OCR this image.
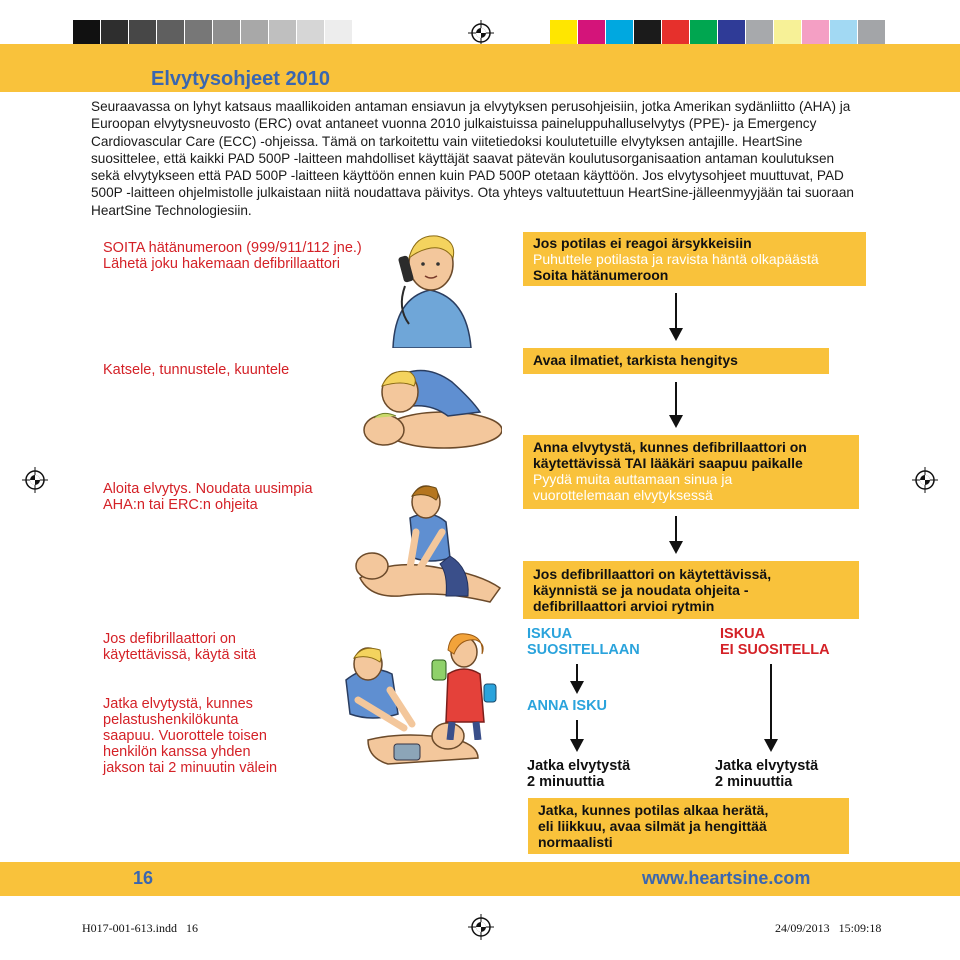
Elvytysohjeet 2010

Seuraavassa on lyhyt katsaus maallikoiden antaman ensiavun ja elvytyksen perusohjeisiin, jotka Amerikan sydänliitto (AHA) ja Euroopan elvytysneuvosto (ERC) ovat antaneet vuonna 2010 julkaistuissa paineluppuhalluselvytys (PPE)- ja Emergency Cardiovascular Care (ECC) -ohjeissa. Tämä on tarkoitettu vain viitetiedoksi koulutetuille elvytyksen antajille. HeartSine suosittelee, että kaikki PAD 500P -laitteen mahdolliset käyttäjät saavat pätevän koulutusorganisaation antaman koulutuksen sekä elvytykseen että PAD 500P -laitteen käyttöön ennen kuin PAD 500P otetaan käyttöön. Jos elvytysohjeet muuttuvat, PAD 500P -laitteen ohjelmistolle julkaistaan niitä noudattava päivitys. Ota yhteys valtuutettuun HeartSine-jälleenmyyjään tai suoraan HeartSine Technologiesiin.

SOITA hätänumeroon (999/911/112 jne.)
Lähetä joku hakemaan defibrillaattori
Katsele, tunnustele, kuuntele
Aloita elvytys. Noudata uusimpia
AHA:n tai ERC:n ohjeita
Jos defibrillaattori on
käytettävissä, käytä sitä
Jatka elvytystä, kunnes
pelastushenkilökunta
saapuu. Vuorottele toisen
henkilön kanssa yhden
jakson tai 2 minuutin välein
Jos potilas ei reagoi ärsykkeisiin
Puhuttele potilasta ja ravista häntä olkapäästä
Soita hätänumeroon
Avaa ilmatiet, tarkista hengitys
Anna elvytystä, kunnes defibrillaattori on
käytettävissä TAI lääkäri saapuu paikalle
Pyydä muita auttamaan sinua ja
vuorottelemaan elvytyksessä
Jos defibrillaattori on käytettävissä,
käynnistä se ja noudata ohjeita -
defibrillaattori arvioi rytmin
ISKUA
SUOSITELLAAN
ISKUA
EI SUOSITELLA
ANNA ISKU
Jatka elvytystä
2 minuuttia
Jatka elvytystä
2 minuuttia
Jatka, kunnes potilas alkaa herätä,
eli liikkuu, avaa silmät ja hengittää
normaalisti
16	www.heartsine.com
H017-001-613.indd   16	24/09/2013   15:09:18
